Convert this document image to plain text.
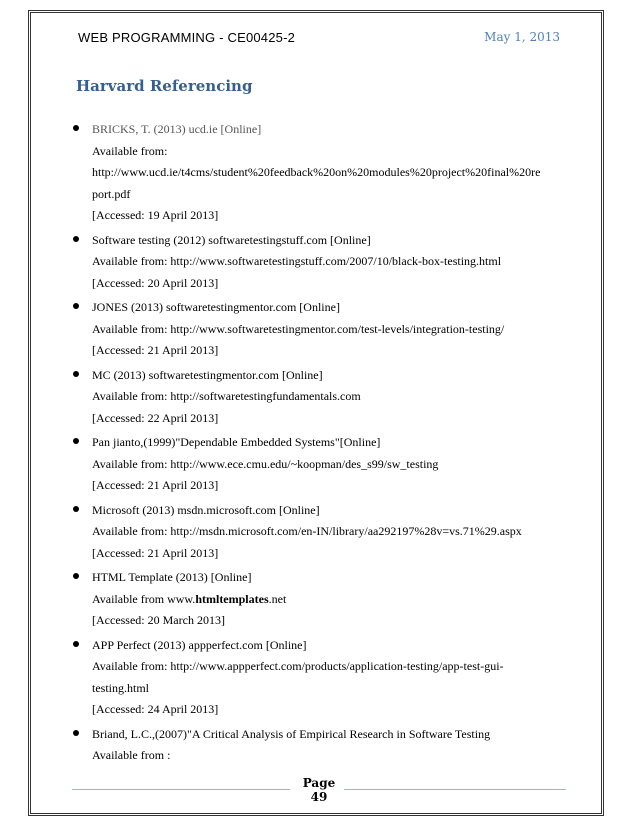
WEB PROGRAMMING - CE00425-2	May 1, 2013
Harvard Referencing
BRICKS, T. (2013) ucd.ie [Online]
Available from:
http://www.ucd.ie/t4cms/student%20feedback%20on%20modules%20project%20final%20re
port.pdf
[Accessed: 19 April 2013]
Software testing (2012) softwaretestingstuff.com [Online]
Available from: http://www.softwaretestingstuff.com/2007/10/black-box-testing.html
[Accessed: 20 April 2013]
JONES (2013) softwaretestingmentor.com [Online]
Available from: http://www.softwaretestingmentor.com/test-levels/integration-testing/
[Accessed: 21 April 2013]
MC (2013) softwaretestingmentor.com [Online]
Available from: http://softwaretestingfundamentals.com
[Accessed: 22 April 2013]
Pan jianto,(1999)"Dependable Embedded Systems"[Online]
Available from: http://www.ece.cmu.edu/~koopman/des_s99/sw_testing
[Accessed: 21 April 2013]
Microsoft (2013) msdn.microsoft.com [Online]
Available from: http://msdn.microsoft.com/en-IN/library/aa292197%28v=vs.71%29.aspx
[Accessed: 21 April 2013]
HTML Template (2013) [Online]
Available from www.htmltemplates.net
[Accessed: 20 March 2013]
APP Perfect (2013) appperfect.com [Online]
Available from: http://www.appperfect.com/products/application-testing/app-test-gui-
testing.html
[Accessed: 24 April 2013]
Briand, L.C.,(2007)"A Critical Analysis of Empirical Research in Software Testing
Available from :
Page
49
